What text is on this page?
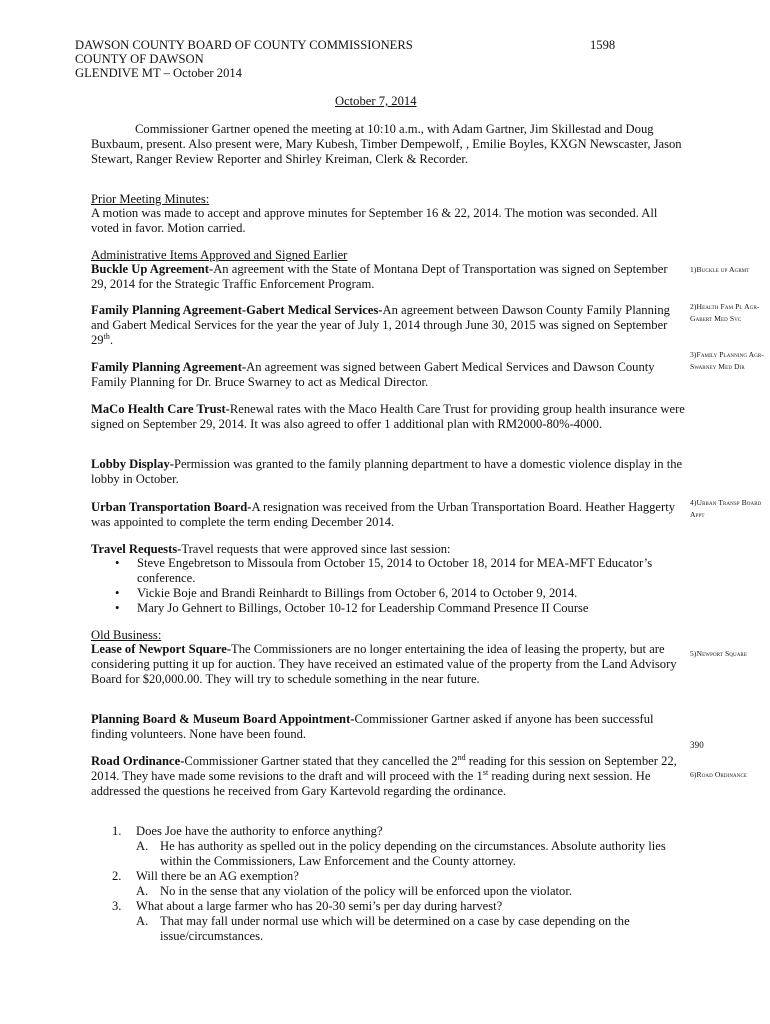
DAWSON COUNTY BOARD OF COUNTY COMMISSIONERS	1598
COUNTY OF DAWSON
GLENDIVE MT – October 2014
October 7, 2014
Commissioner Gartner opened the meeting at 10:10 a.m., with Adam Gartner, Jim Skillestad and Doug Buxbaum, present. Also present were, Mary Kubesh, Timber Dempewolf, , Emilie Boyles, KXGN Newscaster, Jason Stewart, Ranger Review Reporter and Shirley Kreiman, Clerk & Recorder.
Prior Meeting Minutes:
A motion was made to accept and approve minutes for September 16 & 22, 2014. The motion was seconded. All voted in favor. Motion carried.
Administrative Items Approved and Signed Earlier
Buckle Up Agreement-An agreement with the State of Montana Dept of Transportation was signed on September 29, 2014 for the Strategic Traffic Enforcement Program.
Family Planning Agreement-Gabert Medical Services-An agreement between Dawson County Family Planning and Gabert Medical Services for the year the year of July 1, 2014 through June 30, 2015 was signed on September 29th.
Family Planning Agreement-An agreement was signed between Gabert Medical Services and Dawson County Family Planning for Dr. Bruce Swarney to act as Medical Director.
MaCo Health Care Trust-Renewal rates with the Maco Health Care Trust for providing group health insurance were signed on September 29, 2014. It was also agreed to offer 1 additional plan with RM2000-80%-4000.
Lobby Display-Permission was granted to the family planning department to have a domestic violence display in the lobby in October.
Urban Transportation Board-A resignation was received from the Urban Transportation Board. Heather Haggerty was appointed to complete the term ending December 2014.
Travel Requests-Travel requests that were approved since last session:
• Steve Engebretson to Missoula from October 15, 2014 to October 18, 2014 for MEA-MFT Educator’s conference.
• Vickie Boje and Brandi Reinhardt to Billings from October 6, 2014 to October 9, 2014.
• Mary Jo Gehnert to Billings, October 10-12 for Leadership Command Presence II Course
Old Business:
Lease of Newport Square-The Commissioners are no longer entertaining the idea of leasing the property, but are considering putting it up for auction. They have received an estimated value of the property from the Land Advisory Board for $20,000.00. They will try to schedule something in the near future.
Planning Board & Museum Board Appointment-Commissioner Gartner asked if anyone has been successful finding volunteers. None have been found.
Road Ordinance-Commissioner Gartner stated that they cancelled the 2nd reading for this session on September 22, 2014. They have made some revisions to the draft and will proceed with the 1st reading during next session. He addressed the questions he received from Gary Kartevold regarding the ordinance.
1. Does Joe have the authority to enforce anything?
A. He has authority as spelled out in the policy depending on the circumstances. Absolute authority lies within the Commissioners, Law Enforcement and the County attorney.
2. Will there be an AG exemption?
A. No in the sense that any violation of the policy will be enforced upon the violator.
3. What about a large farmer who has 20-30 semi’s per day during harvest?
A. That may fall under normal use which will be determined on a case by case depending on the issue/circumstances.
1)Buckle up Agrmt
2)Health Fam Pl Agr-Gabert Med Svc
3)Family Planning Agr-Swarney Med Dir
4)Urban Transp Board Appt
5)Newport Square
390
6)Road Ordinance
